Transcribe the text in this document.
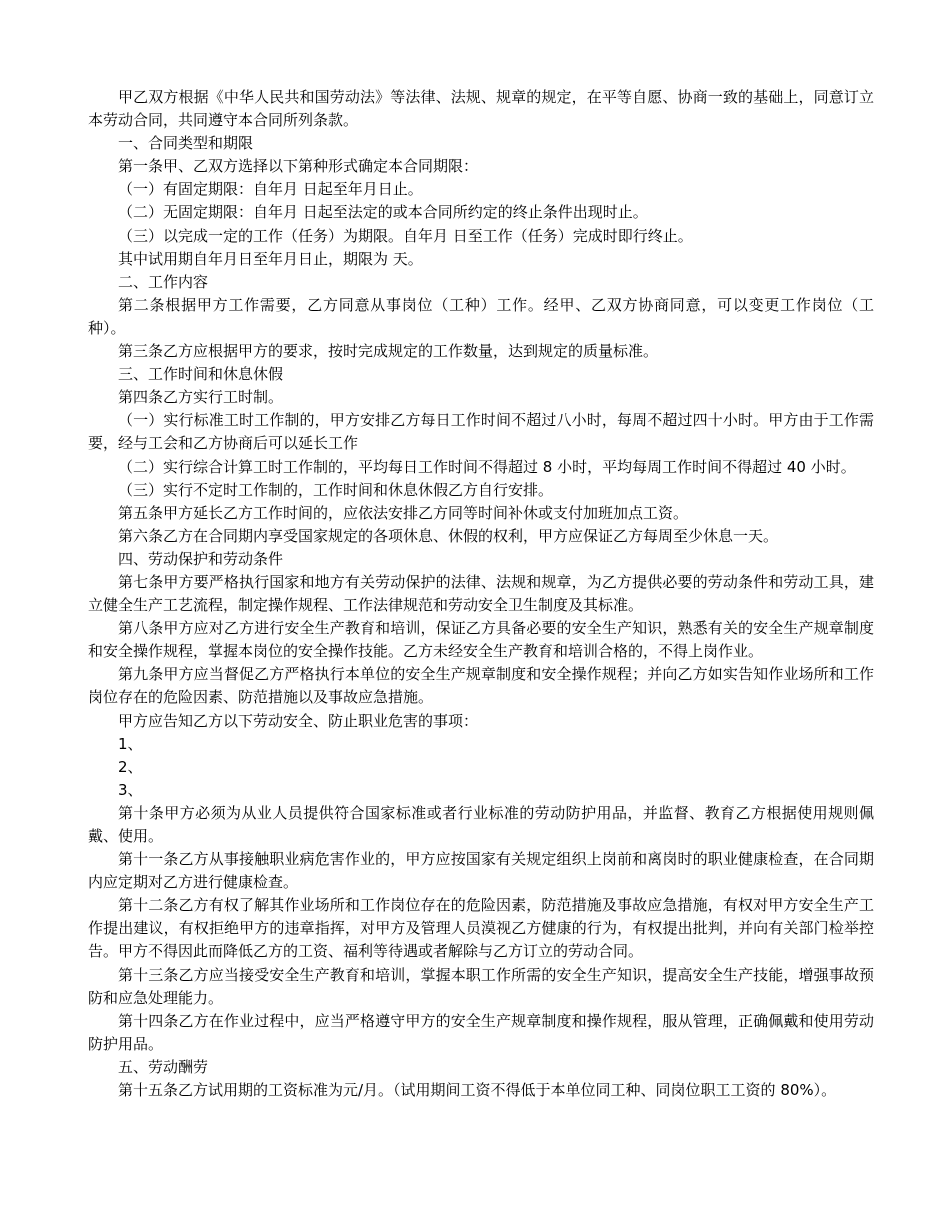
甲乙双方根据《中华人民共和国劳动法》等法律、法规、规章的规定，在平等自愿、协商一致的基础上，同意订立本劳动合同，共同遵守本合同所列条款。

一、合同类型和期限

第一条甲、乙双方选择以下第种形式确定本合同期限：

（一）有固定期限：自年月 日起至年月日止。

（二）无固定期限：自年月 日起至法定的或本合同所约定的终止条件出现时止。

（三）以完成一定的工作（任务）为期限。自年月 日至工作（任务）完成时即行终止。

其中试用期自年月日至年月日止，期限为 天。

二、工作内容

第二条根据甲方工作需要，乙方同意从事岗位（工种）工作。经甲、乙双方协商同意，可以变更工作岗位（工种）。

第三条乙方应根据甲方的要求，按时完成规定的工作数量，达到规定的质量标准。

三、工作时间和休息休假

第四条乙方实行工时制。

（一）实行标准工时工作制的，甲方安排乙方每日工作时间不超过八小时，每周不超过四十小时。甲方由于工作需要，经与工会和乙方协商后可以延长工作

（二）实行综合计算工时工作制的，平均每日工作时间不得超过 8 小时，平均每周工作时间不得超过 40 小时。

（三）实行不定时工作制的，工作时间和休息休假乙方自行安排。

第五条甲方延长乙方工作时间的，应依法安排乙方同等时间补休或支付加班加点工资。

第六条乙方在合同期内享受国家规定的各项休息、休假的权利，甲方应保证乙方每周至少休息一天。

四、劳动保护和劳动条件

第七条甲方要严格执行国家和地方有关劳动保护的法律、法规和规章，为乙方提供必要的劳动条件和劳动工具，建立健全生产工艺流程，制定操作规程、工作法律规范和劳动安全卫生制度及其标准。

第八条甲方应对乙方进行安全生产教育和培训，保证乙方具备必要的安全生产知识，熟悉有关的安全生产规章制度和安全操作规程，掌握本岗位的安全操作技能。乙方未经安全生产教育和培训合格的，不得上岗作业。

第九条甲方应当督促乙方严格执行本单位的安全生产规章制度和安全操作规程；并向乙方如实告知作业场所和工作岗位存在的危险因素、防范措施以及事故应急措施。

甲方应告知乙方以下劳动安全、防止职业危害的事项：

1、

2、

3、

第十条甲方必须为从业人员提供符合国家标准或者行业标准的劳动防护用品，并监督、教育乙方根据使用规则佩戴、使用。

第十一条乙方从事接触职业病危害作业的，甲方应按国家有关规定组织上岗前和离岗时的职业健康检查，在合同期内应定期对乙方进行健康检查。

第十二条乙方有权了解其作业场所和工作岗位存在的危险因素，防范措施及事故应急措施，有权对甲方安全生产工作提出建议，有权拒绝甲方的违章指挥，对甲方及管理人员漠视乙方健康的行为，有权提出批判，并向有关部门检举控告。甲方不得因此而降低乙方的工资、福利等待遇或者解除与乙方订立的劳动合同。

第十三条乙方应当接受安全生产教育和培训，掌握本职工作所需的安全生产知识，提高安全生产技能，增强事故预防和应急处理能力。

第十四条乙方在作业过程中，应当严格遵守甲方的安全生产规章制度和操作规程，服从管理，正确佩戴和使用劳动防护用品。

五、劳动酬劳

第十五条乙方试用期的工资标准为元/月。（试用期间工资不得低于本单位同工种、同岗位职工工资的 80%）。
